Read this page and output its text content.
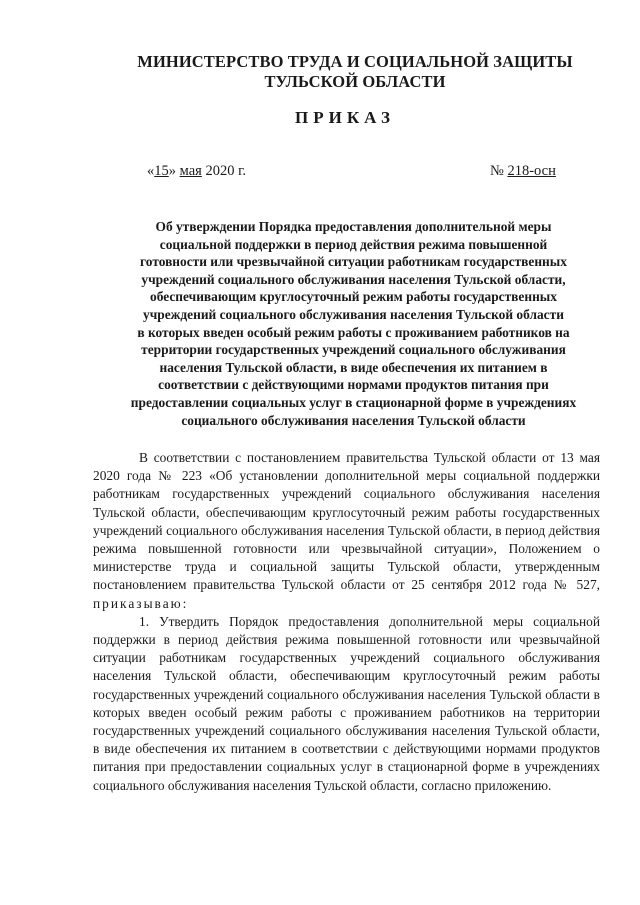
МИНИСТЕРСТВО ТРУДА И СОЦИАЛЬНОЙ ЗАЩИТЫ
ТУЛЬСКОЙ ОБЛАСТИ
ПРИКАЗ
«15» мая 2020 г.	№ 218-осн
Об утверждении Порядка предоставления дополнительной меры
социальной поддержки в период действия режима повышенной
готовности или чрезвычайной ситуации работникам государственных
учреждений социального обслуживания населения Тульской области,
обеспечивающим круглосуточный режим работы государственных
учреждений социального обслуживания населения Тульской области
в которых введен особый режим работы с проживанием работников на
территории государственных учреждений социального обслуживания
населения Тульской области, в виде обеспечения их питанием в
соответствии с действующими нормами продуктов питания при
предоставлении социальных услуг в стационарной форме в учреждениях
социального обслуживания населения Тульской области

В соответствии с постановлением правительства Тульской области от 13 мая 2020 года № 223 «Об установлении дополнительной меры социальной поддержки работникам государственных учреждений социального обслуживания населения Тульской области, обеспечивающим круглосуточный режим работы государственных учреждений социального обслуживания населения Тульской области, в период действия режима повышенной готовности или чрезвычайной ситуации», Положением о министерстве труда и социальной защиты Тульской области, утвержденным постановлением правительства Тульской области от 25 сентября 2012 года № 527, приказываю:

1. Утвердить Порядок предоставления дополнительной меры социальной поддержки в период действия режима повышенной готовности или чрезвычайной ситуации работникам государственных учреждений социального обслуживания населения Тульской области, обеспечивающим круглосуточный режим работы государственных учреждений социального обслуживания населения Тульской области в которых введен особый режим работы с проживанием работников на территории государственных учреждений социального обслуживания населения Тульской области, в виде обеспечения их питанием в соответствии с действующими нормами продуктов питания при предоставлении социальных услуг в стационарной форме в учреждениях социального обслуживания населения Тульской области, согласно приложению.
